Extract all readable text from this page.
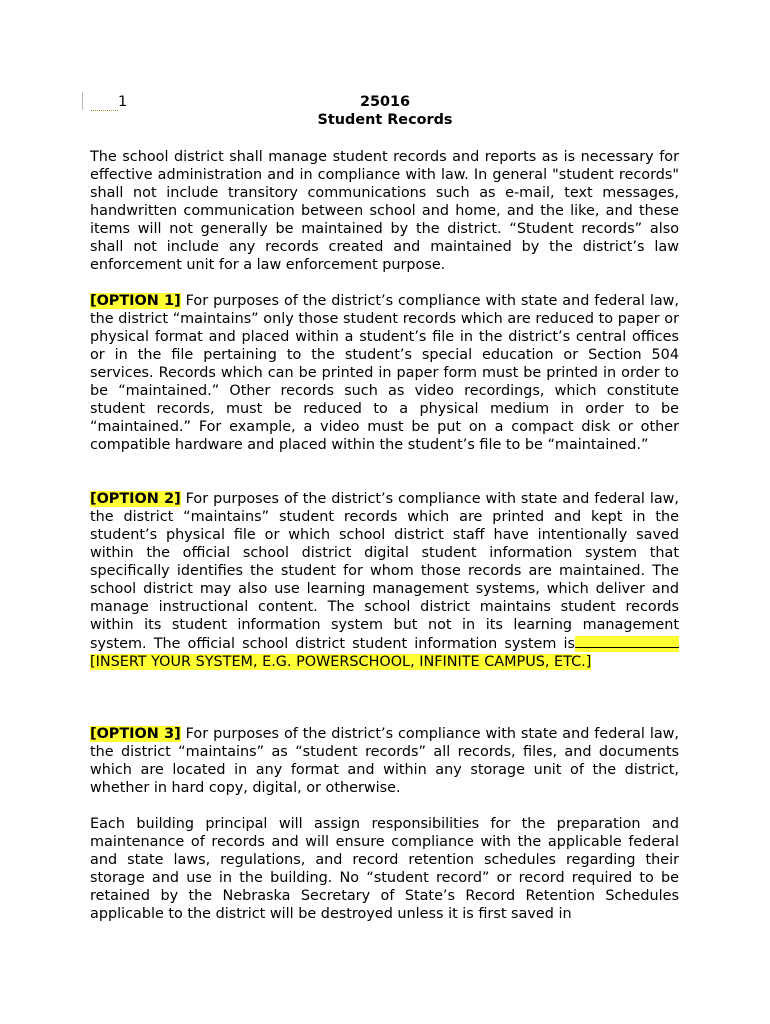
1	25016
Student Records

The school district shall manage student records and reports as is necessary for effective administration and in compliance with law. In general "student records" shall not include transitory communications such as e-mail, text messages, handwritten communication between school and home, and the like, and these items will not generally be maintained by the district. “Student records” also shall not include any records created and maintained by the district’s law enforcement unit for a law enforcement purpose.

[OPTION 1] For purposes of the district’s compliance with state and federal law, the district “maintains” only those student records which are reduced to paper or physical format and placed within a student’s file in the district’s central offices or in the file pertaining to the student’s special education or Section 504 services. Records which can be printed in paper form must be printed in order to be “maintained.” Other records such as video recordings, which constitute student records, must be reduced to a physical medium in order to be “maintained.” For example, a video must be put on a compact disk or other compatible hardware and placed within the student’s file to be “maintained.”

[OPTION 2] For purposes of the district’s compliance with state and federal law, the district “maintains” student records which are printed and kept in the student’s physical file or which school district staff have intentionally saved within the official school district digital student information system that specifically identifies the student for whom those records are maintained. The school district may also use learning management systems, which deliver and manage instructional content. The school district maintains student records within its student information system but not in its learning management system. The official school district student information system is [INSERT YOUR SYSTEM, E.G. POWERSCHOOL, INFINITE CAMPUS, ETC.]

[OPTION 3] For purposes of the district’s compliance with state and federal law, the district “maintains” as “student records” all records, files, and documents which are located in any format and within any storage unit of the district, whether in hard copy, digital, or otherwise.

Each building principal will assign responsibilities for the preparation and maintenance of records and will ensure compliance with the applicable federal and state laws, regulations, and record retention schedules regarding their storage and use in the building. No “student record” or record required to be retained by the Nebraska Secretary of State’s Record Retention Schedules applicable to the district will be destroyed unless it is first saved in
